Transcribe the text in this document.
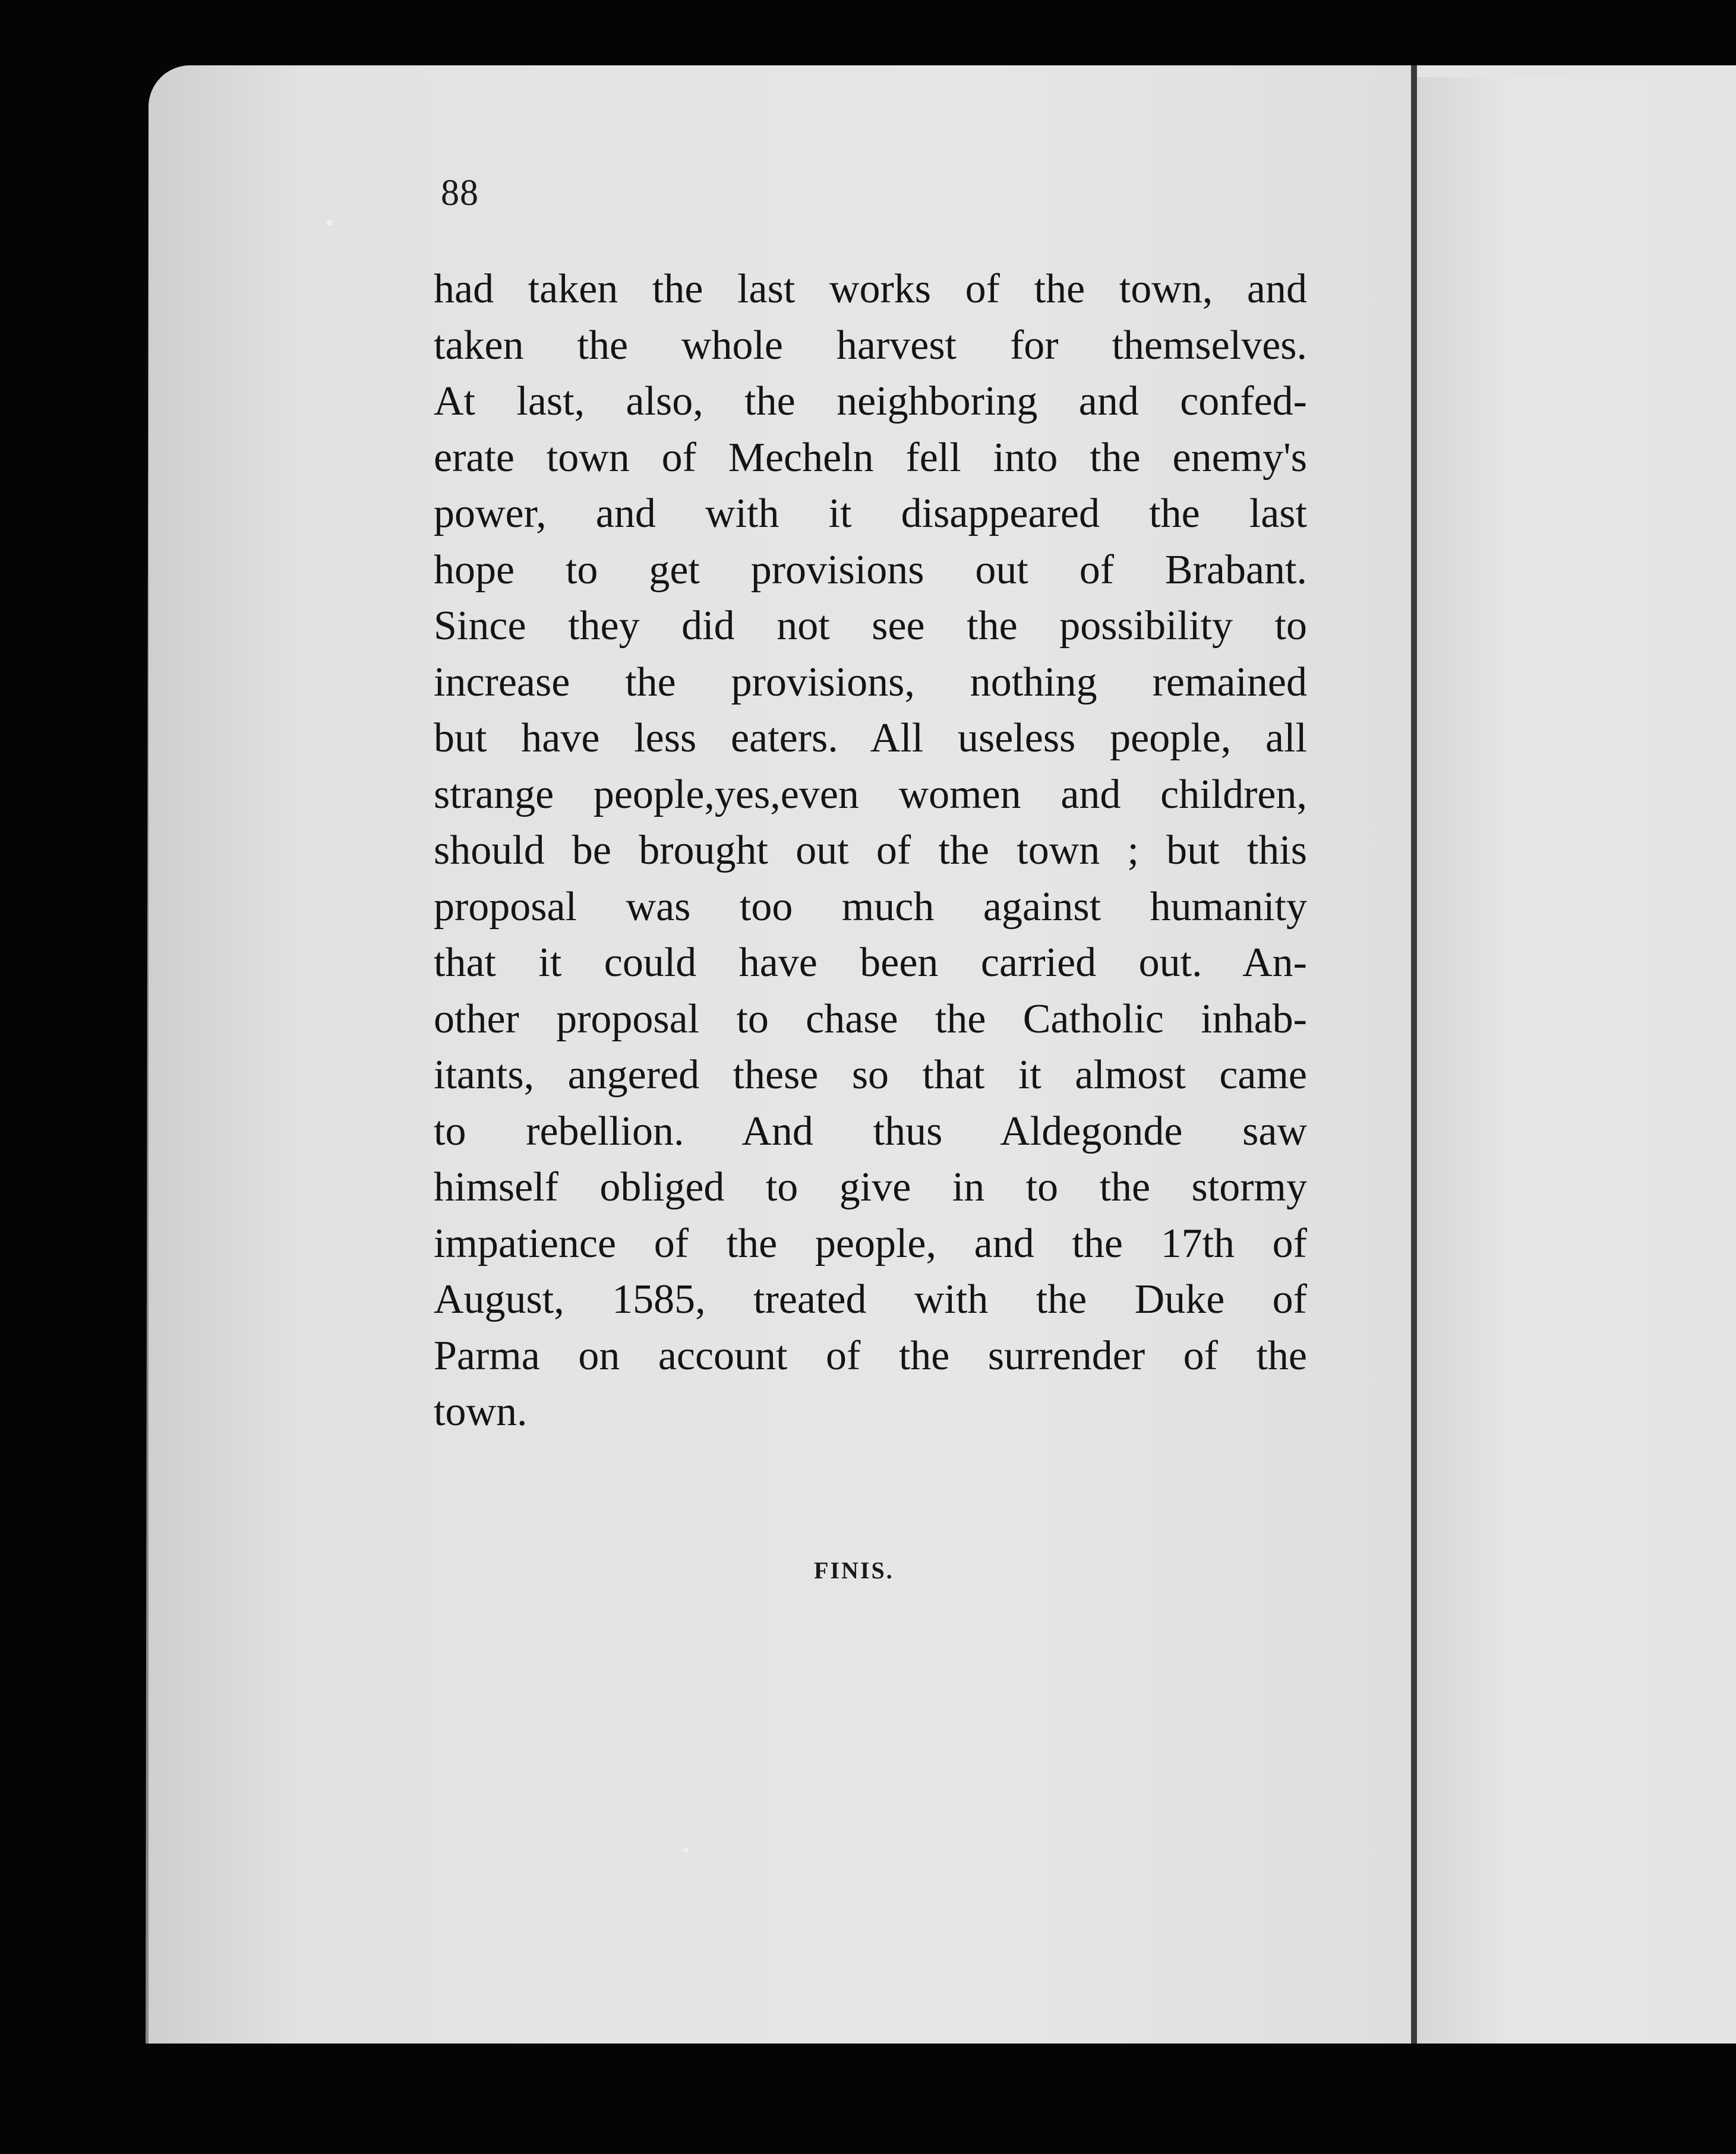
88
had taken the last works of the town, and
taken the whole harvest for themselves.
At last, also, the neighboring and confed-
erate town of Mecheln fell into the enemy's
power, and with it disappeared the last
hope to get provisions out of Brabant.
Since they did not see the possibility to
increase the provisions, nothing remained
but have less eaters. All useless people, all
strange people,yes,even women and children,
should be brought out of the town ; but this
proposal was too much against humanity
that it could have been carried out. An-
other proposal to chase the Catholic inhab-
itants, angered these so that it almost came
to rebellion. And thus Aldegonde saw
himself obliged to give in to the stormy
impatience of the people, and the 17th of
August, 1585, treated with the Duke of
Parma on account of the surrender of the
town.
FINIS.
